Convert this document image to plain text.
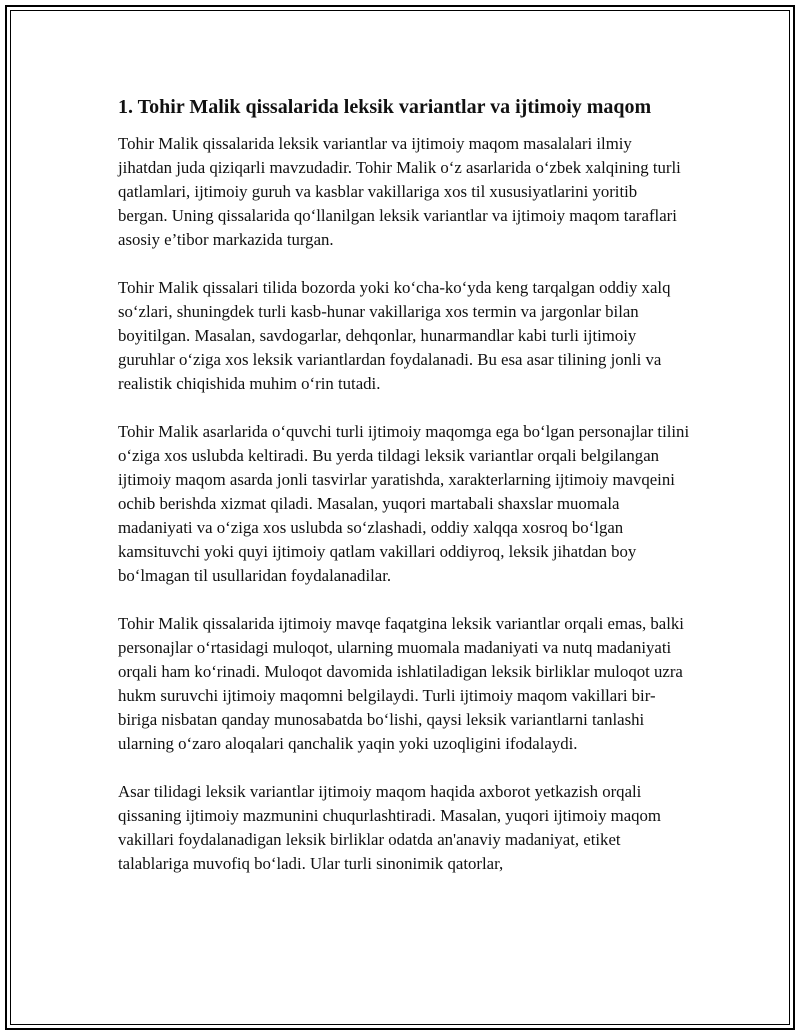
1. Tohir Malik qissalarida leksik variantlar va ijtimoiy maqom

Tohir Malik qissalarida leksik variantlar va ijtimoiy maqom masalalari ilmiy jihatdan juda qiziqarli mavzudadir. Tohir Malik o‘z asarlarida o‘zbek xalqining turli qatlamlari, ijtimoiy guruh va kasblar vakillariga xos til xususiyatlarini yoritib bergan. Uning qissalarida qo‘llanilgan leksik variantlar va ijtimoiy maqom taraflari asosiy e’tibor markazida turgan.

Tohir Malik qissalari tilida bozorda yoki ko‘cha-ko‘yda keng tarqalgan oddiy xalq so‘zlari, shuningdek turli kasb-hunar vakillariga xos termin va jargonlar bilan boyitilgan. Masalan, savdogarlar, dehqonlar, hunarmandlar kabi turli ijtimoiy guruhlar o‘ziga xos leksik variantlardan foydalanadi. Bu esa asar tilining jonli va realistik chiqishida muhim o‘rin tutadi.

Tohir Malik asarlarida o‘quvchi turli ijtimoiy maqomga ega bo‘lgan personajlar tilini o‘ziga xos uslubda keltiradi. Bu yerda tildagi leksik variantlar orqali belgilangan ijtimoiy maqom asarda jonli tasvirlar yaratishda, xarakterlarning ijtimoiy mavqeini ochib berishda xizmat qiladi. Masalan, yuqori martabali shaxslar muomala madaniyati va o‘ziga xos uslubda so‘zlashadi, oddiy xalqqa xosroq bo‘lgan kamsituvchi yoki quyi ijtimoiy qatlam vakillari oddiyroq, leksik jihatdan boy bo‘lmagan til usullaridan foydalanadilar.

Tohir Malik qissalarida ijtimoiy mavqe faqatgina leksik variantlar orqali emas, balki personajlar o‘rtasidagi muloqot, ularning muomala madaniyati va nutq madaniyati orqali ham ko‘rinadi. Muloqot davomida ishlatiladigan leksik birliklar muloqot uzra hukm suruvchi ijtimoiy maqomni belgilaydi. Turli ijtimoiy maqom vakillari bir-biriga nisbatan qanday munosabatda bo‘lishi, qaysi leksik variantlarni tanlashi ularning o‘zaro aloqalari qanchalik yaqin yoki uzoqligini ifodalaydi.

Asar tilidagi leksik variantlar ijtimoiy maqom haqida axborot yetkazish orqali qissaning ijtimoiy mazmunini chuqurlashtiradi. Masalan, yuqori ijtimoiy maqom vakillari foydalanadigan leksik birliklar odatda an'anaviy madaniyat, etiket talablariga muvofiq bo‘ladi. Ular turli sinonimik qatorlar,
